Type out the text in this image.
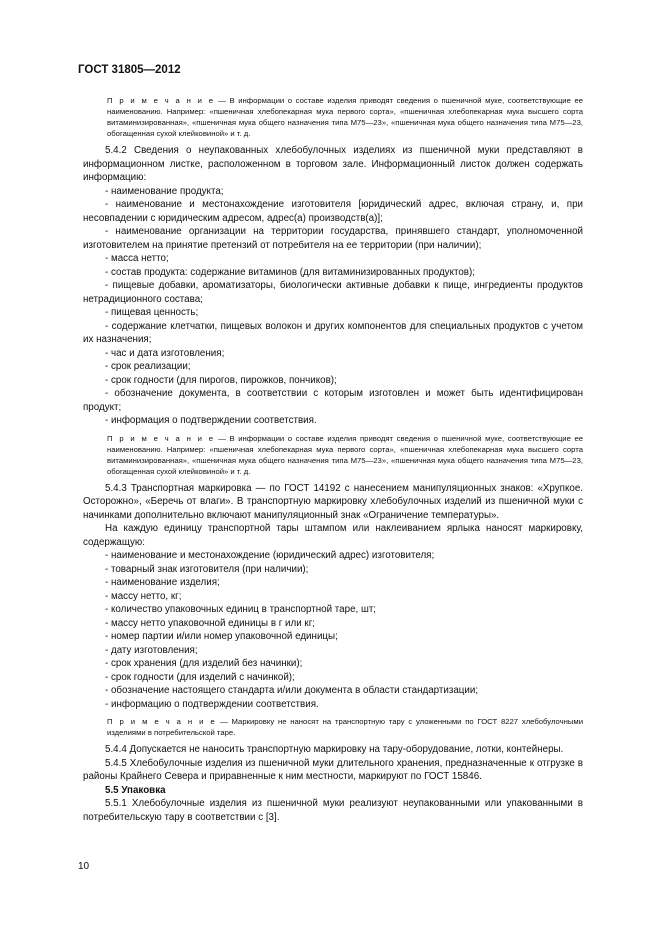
ГОСТ 31805—2012
П р и м е ч а н и е — В информации о составе изделия приводят сведения о пшеничной муке, соответствующие ее наименованию. Например: «пшеничная хлебопекарная мука первого сорта», «пшеничная хлебопекарная мука высшего сорта витаминизированная», «пшеничная мука общего назначения типа М75—23», «пшеничная мука общего назначения типа М75—23, обогащенная сухой клейковиной» и т. д.

5.4.2 Сведения о неупакованных хлебобулочных изделиях из пшеничной муки представляют в информационном листке, расположенном в торговом зале. Информационный листок должен содержать информацию:

- наименование продукта;

- наименование и местонахождение изготовителя [юридический адрес, включая страну, и, при несовпадении с юридическим адресом, адрес(а) производств(а)];

- наименование организации на территории государства, принявшего стандарт, уполномоченной изготовителем на принятие претензий от потребителя на ее территории (при наличии);

- масса нетто;

- состав продукта: содержание витаминов (для витаминизированных продуктов);

- пищевые добавки, ароматизаторы, биологически активные добавки к пище, ингредиенты продуктов нетрадиционного состава;

- пищевая ценность;

- содержание клетчатки, пищевых волокон и других компонентов для специальных продуктов с учетом их назначения;

- час и дата изготовления;

- срок реализации;

- срок годности (для пирогов, пирожков, пончиков);

- обозначение документа, в соответствии с которым изготовлен и может быть идентифицирован продукт;

- информация о подтверждении соответствия.

П р и м е ч а н и е — В информации о составе изделия приводят сведения о пшеничной муке, соответствующие ее наименованию. Например: «пшеничная хлебопекарная мука первого сорта», «пшеничная хлебопекарная мука высшего сорта витаминизированная», «пшеничная мука общего назначения типа М75—23», «пшеничная мука общего назначения типа М75—23, обогащенная сухой клейковиной» и т. д.

5.4.3 Транспортная маркировка — по ГОСТ 14192 с нанесением манипуляционных знаков: «Хрупкое. Осторожно», «Беречь от влаги». В транспортную маркировку хлебобулочных изделий из пшеничной муки с начинками дополнительно включают манипуляционный знак «Ограничение температуры».

На каждую единицу транспортной тары штампом или наклеиванием ярлыка наносят маркировку, содержащую:

- наименование и местонахождение (юридический адрес) изготовителя;

- товарный знак изготовителя (при наличии);

- наименование изделия;

- массу нетто, кг;

- количество упаковочных единиц в транспортной таре, шт;

- массу нетто упаковочной единицы в г или кг;

- номер партии и/или номер упаковочной единицы;

- дату изготовления;

- срок хранения (для изделий без начинки);

- срок годности (для изделий с начинкой);

- обозначение настоящего стандарта и/или документа в области стандартизации;

- информацию о подтверждении соответствия.

П р и м е ч а н и е — Маркировку не наносят на транспортную тару с уложенными по ГОСТ 8227 хлебобулочными изделиями в потребительской таре.

5.4.4 Допускается не наносить транспортную маркировку на тару-оборудование, лотки, контейнеры.

5.4.5 Хлебобулочные изделия из пшеничной муки длительного хранения, предназначенные к отгрузке в районы Крайнего Севера и приравненные к ним местности, маркируют по ГОСТ 15846.

5.5 Упаковка

5.5.1 Хлебобулочные изделия из пшеничной муки реализуют неупакованными или упакованными в потребительскую тару в соответствии с [3].

10
